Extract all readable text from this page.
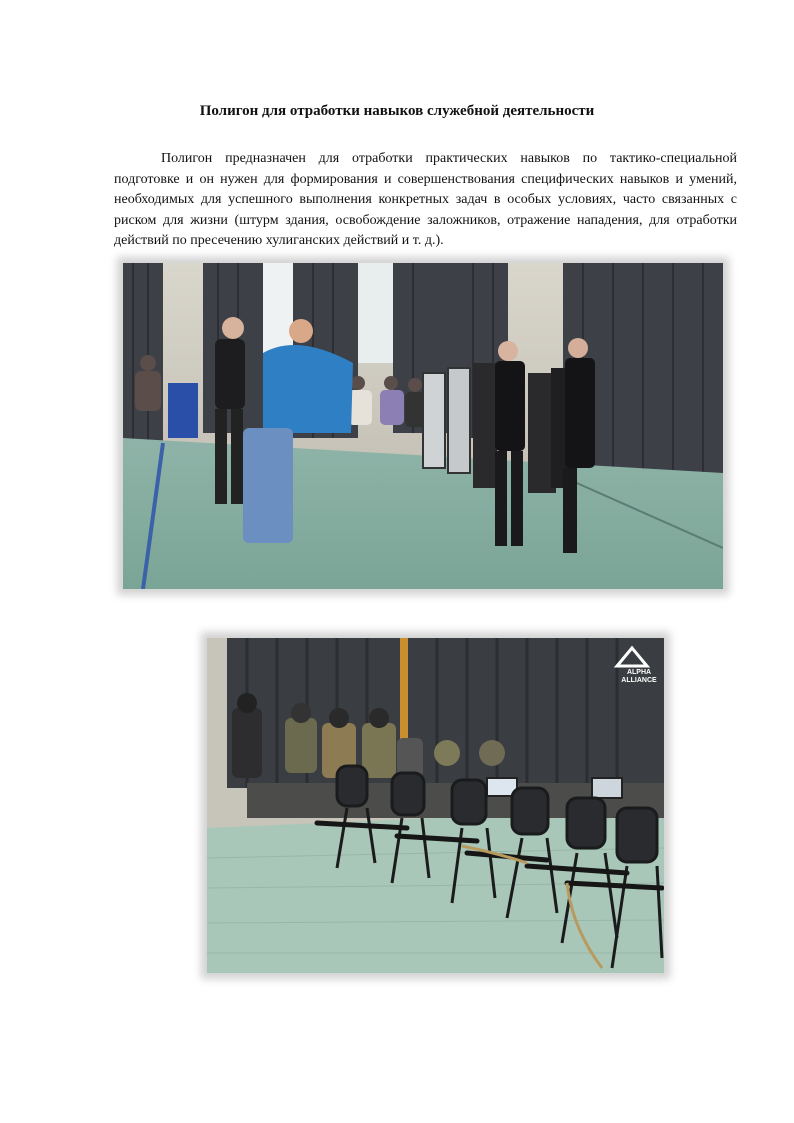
Полигон для отработки навыков служебной деятельности

Полигон предназначен для отработки практических навыков по тактико-специальной подготовке и он нужен для формирования и совершенствования специфических навыков и умений, необходимых для успешного выполнения конкретных задач в особых условиях, часто связанных с риском для жизни (штурм здания, освобождение заложников, отражение нападения, для отработки действий по пресечению хулиганских действий и т. д.).

ALPHA
ALLIANCE
